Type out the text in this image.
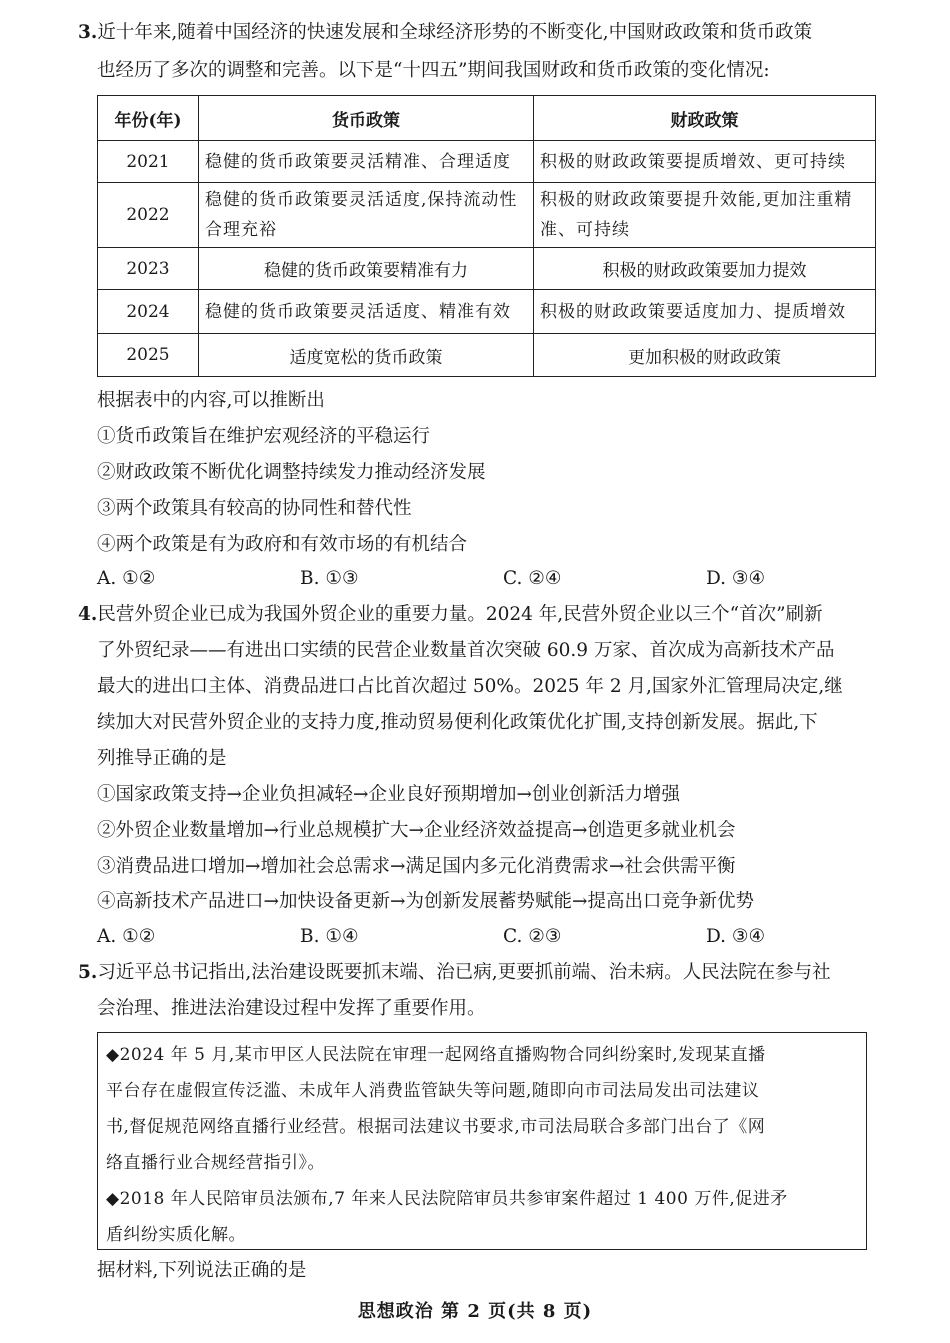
3.近十年来,随着中国经济的快速发展和全球经济形势的不断变化,中国财政政策和货币政策
也经历了多次的调整和完善。以下是“十四五”期间我国财政和货币政策的变化情况:
年份(年)	货币政策	财政政策
2021	稳健的货币政策要灵活精准、合理适度	积极的财政政策要提质增效、更可持续
2022	稳健的货币政策要灵活适度,保持流动性合理充裕	积极的财政政策要提升效能,更加注重精准、可持续
2023	稳健的货币政策要精准有力	积极的财政政策要加力提效
2024	稳健的货币政策要灵活适度、精准有效	积极的财政政策要适度加力、提质增效
2025	适度宽松的货币政策	更加积极的财政政策
根据表中的内容,可以推断出
①货币政策旨在维护宏观经济的平稳运行
②财政政策不断优化调整持续发力推动经济发展
③两个政策具有较高的协同性和替代性
④两个政策是有为政府和有效市场的有机结合
A. ①②	B. ①③	C. ②④	D. ③④
4.民营外贸企业已成为我国外贸企业的重要力量。2024 年,民营外贸企业以三个“首次”刷新
了外贸纪录——有进出口实绩的民营企业数量首次突破 60.9 万家、首次成为高新技术产品
最大的进出口主体、消费品进口占比首次超过 50%。2025 年 2 月,国家外汇管理局决定,继
续加大对民营外贸企业的支持力度,推动贸易便利化政策优化扩围,支持创新发展。据此,下
列推导正确的是
①国家政策支持→企业负担减轻→企业良好预期增加→创业创新活力增强
②外贸企业数量增加→行业总规模扩大→企业经济效益提高→创造更多就业机会
③消费品进口增加→增加社会总需求→满足国内多元化消费需求→社会供需平衡
④高新技术产品进口→加快设备更新→为创新发展蓄势赋能→提高出口竞争新优势
A. ①②	B. ①④	C. ②③	D. ③④
5.习近平总书记指出,法治建设既要抓末端、治已病,更要抓前端、治未病。人民法院在参与社
会治理、推进法治建设过程中发挥了重要作用。

◆2024 年 5 月,某市甲区人民法院在审理一起网络直播购物合同纠纷案时,发现某直播

平台存在虚假宣传泛滥、未成年人消费监管缺失等问题,随即向市司法局发出司法建议

书,督促规范网络直播行业经营。根据司法建议书要求,市司法局联合多部门出台了《网

络直播行业合规经营指引》。

◆2018 年人民陪审员法颁布,7 年来人民法院陪审员共参审案件超过 1 400 万件,促进矛

盾纠纷实质化解。

据材料,下列说法正确的是
思想政治 第 2 页(共 8 页)
